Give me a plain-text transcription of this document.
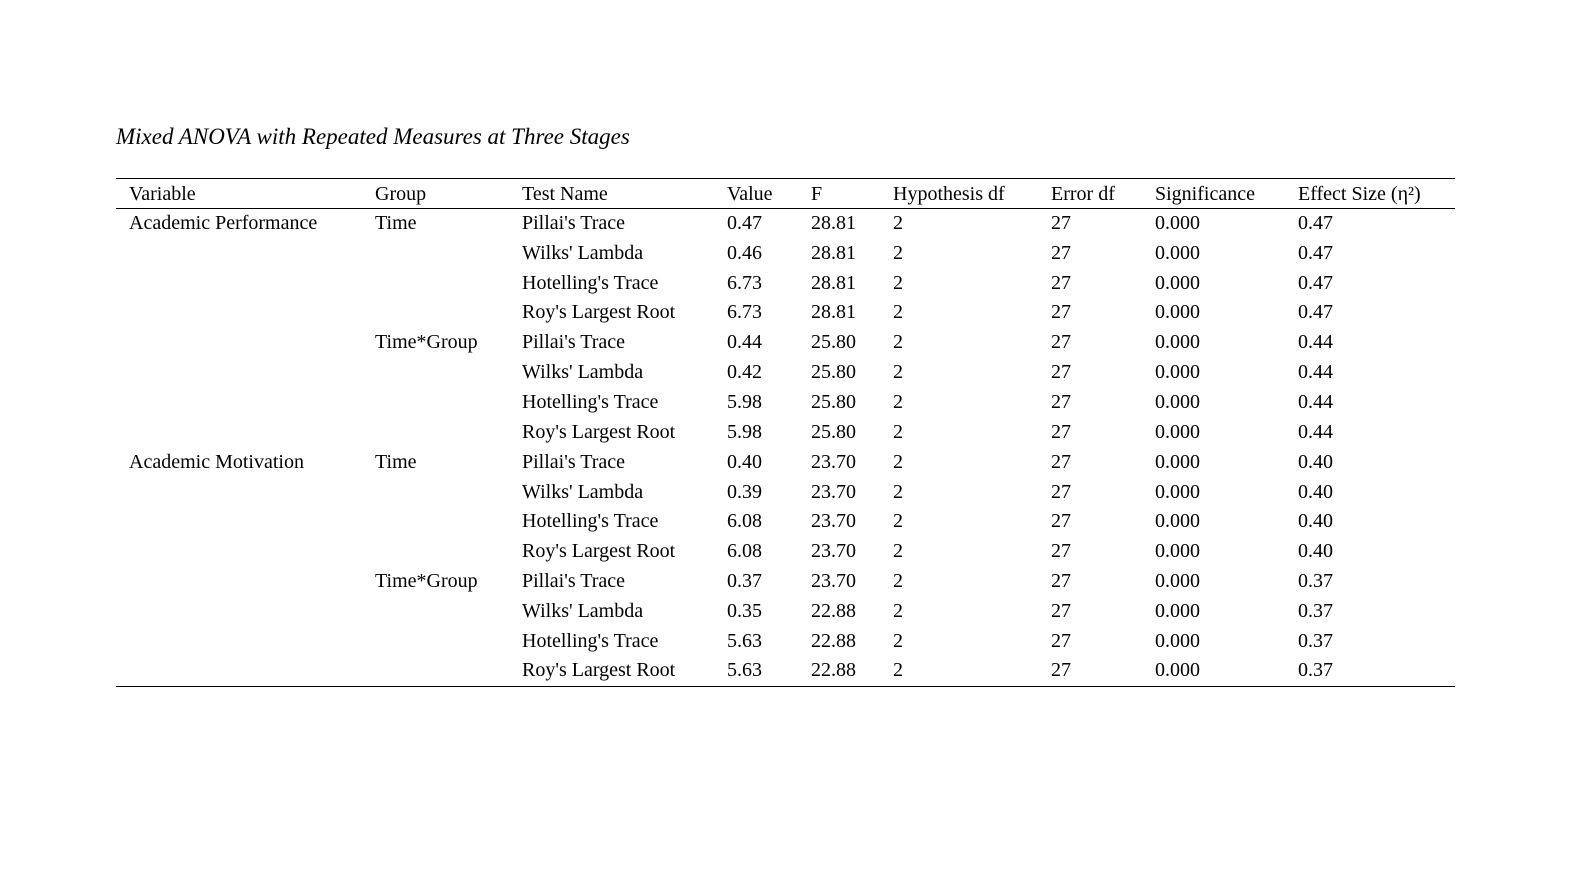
Mixed ANOVA with Repeated Measures at Three Stages
Variable	Group	Test Name	Value	F	Hypothesis df	Error df	Significance	Effect Size (η²)
Academic Performance	Time	Pillai's Trace	0.47	28.81	2	27	0.000	0.47
		Wilks' Lambda	0.46	28.81	2	27	0.000	0.47
		Hotelling's Trace	6.73	28.81	2	27	0.000	0.47
		Roy's Largest Root	6.73	28.81	2	27	0.000	0.47
	Time*Group	Pillai's Trace	0.44	25.80	2	27	0.000	0.44
		Wilks' Lambda	0.42	25.80	2	27	0.000	0.44
		Hotelling's Trace	5.98	25.80	2	27	0.000	0.44
		Roy's Largest Root	5.98	25.80	2	27	0.000	0.44
Academic Motivation	Time	Pillai's Trace	0.40	23.70	2	27	0.000	0.40
		Wilks' Lambda	0.39	23.70	2	27	0.000	0.40
		Hotelling's Trace	6.08	23.70	2	27	0.000	0.40
		Roy's Largest Root	6.08	23.70	2	27	0.000	0.40
	Time*Group	Pillai's Trace	0.37	23.70	2	27	0.000	0.37
		Wilks' Lambda	0.35	22.88	2	27	0.000	0.37
		Hotelling's Trace	5.63	22.88	2	27	0.000	0.37
		Roy's Largest Root	5.63	22.88	2	27	0.000	0.37
